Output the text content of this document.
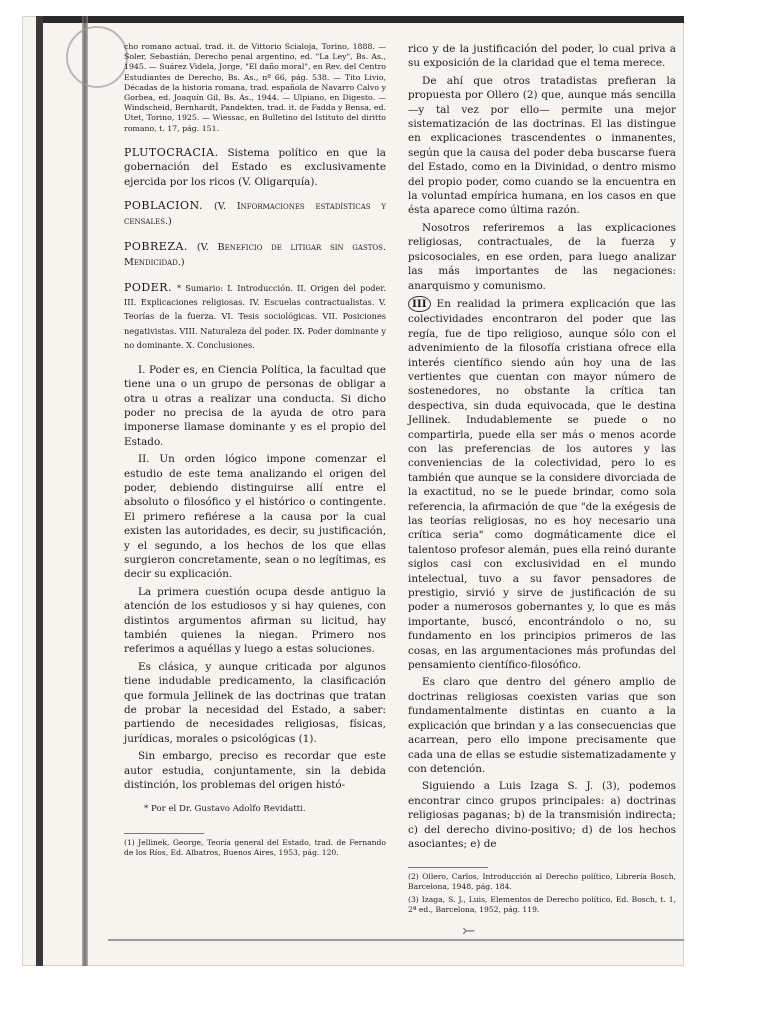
cho romano actual, trad. it. de Vittorio Scialoja, Torino, 1888. — Soler, Sebastián, Derecho penal argentino, ed. "La Ley", Bs. As., 1945. — Suárez Videla, Jorge, "El daño moral", en Rev. del Centro Estudiantes de Derecho, Bs. As., nº 66, pág. 538. — Tito Livio, Décadas de la historia romana, trad. española de Navarro Calvo y Gorbea, ed. Joaquín Gil, Bs. As., 1944. — Ulpiano, en Digesto. — Windscheid, Bernhardt, Pandekten, trad. it. de Fadda y Bensa, ed. Utet, Torino, 1925. — Wiessac, en Bulletino del Istituto del diritto romano, t. 17, pág. 151.

PLUTOCRACIA. Sistema político en que la gobernación del Estado es exclusivamente ejercida por los ricos (V. Oligarquía).
POBLACION. (V. Informaciones estadísticas y censales.)
POBREZA. (V. Beneficio de litigar sin gastos. Mendicidad.)
PODER. * Sumario: I. Introducción. II. Origen del poder. III. Explicaciones religiosas. IV. Escuelas contractualistas. V. Teorías de la fuerza. VI. Tesis sociológicas. VII. Posiciones negativistas. VIII. Naturaleza del poder. IX. Poder dominante y no dominante. X. Conclusiones.

I. Poder es, en Ciencia Política, la facultad que tiene una o un grupo de personas de obligar a otra u otras a realizar una conducta. Si dicho poder no precisa de la ayuda de otro para imponerse llamase dominante y es el propio del Estado.

II. Un orden lógico impone comenzar el estudio de este tema analizando el origen del poder, debiendo distinguirse allí entre el absoluto o filosófico y el histórico o contingente. El primero refiérese a la causa por la cual existen las autoridades, es decir, su justificación, y el segundo, a los hechos de los que ellas surgieron concretamente, sean o no legítimas, es decir su explicación.

La primera cuestión ocupa desde antiguo la atención de los estudiosos y si hay quienes, con distintos argumentos afirman su licitud, hay también quienes la niegan. Primero nos referimos a aquéllas y luego a estas soluciones.

Es clásica, y aunque criticada por algunos tiene indudable predicamento, la clasificación que formula Jellinek de las doctrinas que tratan de probar la necesidad del Estado, a saber: partiendo de necesidades religiosas, físicas, jurídicas, morales o psicológicas (1).

Sin embargo, preciso es recordar que este autor estudia, conjuntamente, sin la debida distinción, los problemas del origen histó-

* Por el Dr. Gustavo Adolfo Revidatti.

(1) Jellinek, George, Teoría general del Estado, trad. de Fernando de los Ríos, Ed. Albatros, Buenos Aires, 1953, pág. 120.

rico y de la justificación del poder, lo cual priva a su exposición de la claridad que el tema merece.

De ahí que otros tratadistas prefieran la propuesta por Ollero (2) que, aunque más sencilla —y tal vez por ello— permite una mejor sistematización de las doctrinas. El las distingue en explicaciones trascendentes o inmanentes, según que la causa del poder deba buscarse fuera del Estado, como en la Divinidad, o dentro mismo del propio poder, como cuando se la encuentra en la voluntad empírica humana, en los casos en que ésta aparece como última razón.

Nosotros referiremos a las explicaciones religiosas, contractuales, de la fuerza y psicosociales, en ese orden, para luego analizar las más importantes de las negaciones: anarquismo y comunismo.

III En realidad la primera explicación que las colectividades encontraron del poder que las regía, fue de tipo religioso, aunque sólo con el advenimiento de la filosofía cristiana ofrece ella interés científico siendo aún hoy una de las vertientes que cuentan con mayor número de sostenedores, no obstante la crítica tan despectiva, sin duda equivocada, que le destina Jellinek. Indudablemente se puede o no compartirla, puede ella ser más o menos acorde con las preferencias de los autores y las conveniencias de la colectividad, pero lo es también que aunque se la considere divorciada de la exactitud, no se le puede brindar, como sola referencia, la afirmación de que "de la exégesis de las teorías religiosas, no es hoy necesario una crítica seria" como dogmáticamente dice el talentoso profesor alemán, pues ella reinó durante siglos casi con exclusividad en el mundo intelectual, tuvo a su favor pensadores de prestigio, sirvió y sirve de justificación de su poder a numerosos gobernantes y, lo que es más importante, buscó, encontrándolo o no, su fundamento en los principios primeros de las cosas, en las argumentaciones más profundas del pensamiento científico-filosófico.

Es claro que dentro del género amplio de doctrinas religiosas coexisten varias que son fundamentalmente distintas en cuanto a la explicación que brindan y a las consecuencias que acarrean, pero ello impone precisamente que cada una de ellas se estudie sistematizadamente y con detención.

Siguiendo a Luis Izaga S. J. (3), podemos encontrar cinco grupos principales: a) doctrinas religiosas paganas; b) de la transmisión indirecta; c) del derecho divino-positivo; d) de los hechos asociantes; e) de

(2) Ollero, Carlos, Introducción al Derecho político, Librería Bosch, Barcelona, 1948, pág. 184.

(3) Izaga, S. J., Luis, Elementos de Derecho político, Ed. Bosch, t. 1, 2ª ed., Barcelona, 1952, pág. 119.

⤚
